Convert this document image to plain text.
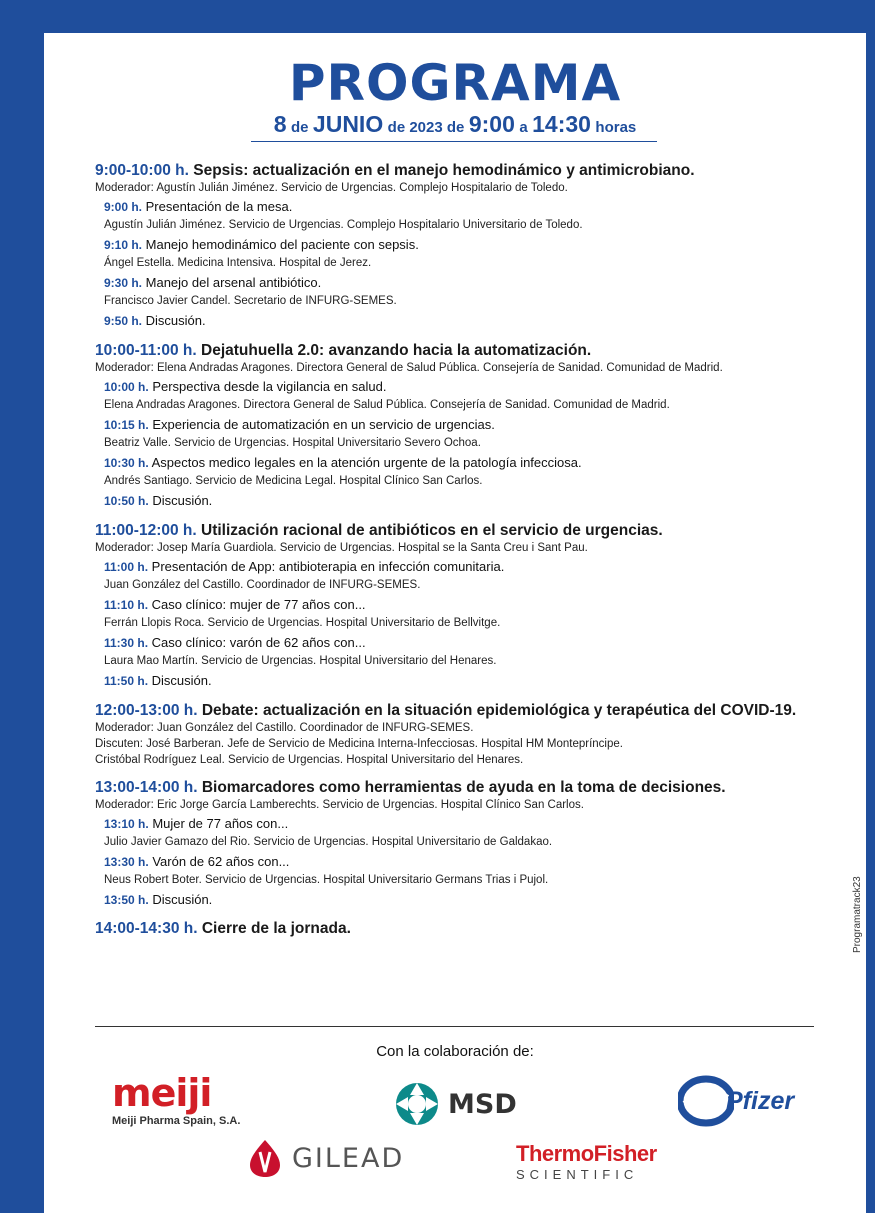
PROGRAMA
8 de JUNIO de 2023 de 9:00 a 14:30 horas
9:00-10:00 h. Sepsis: actualización en el manejo hemodinámico y antimicrobiano.
Moderador: Agustín Julián Jiménez. Servicio de Urgencias. Complejo Hospitalario de Toledo.
9:00 h. Presentación de la mesa.
Agustín Julián Jiménez. Servicio de Urgencias. Complejo Hospitalario Universitario de Toledo.
9:10 h. Manejo hemodinámico del paciente con sepsis.
Ángel Estella. Medicina Intensiva. Hospital de Jerez.
9:30 h. Manejo del arsenal antibiótico.
Francisco Javier Candel. Secretario de INFURG-SEMES.
9:50 h. Discusión.
10:00-11:00 h. Dejatuhuella 2.0: avanzando hacia la automatización.
Moderador: Elena Andradas Aragones. Directora General de Salud Pública. Consejería de Sanidad. Comunidad de Madrid.
10:00 h. Perspectiva desde la vigilancia en salud.
Elena Andradas Aragones. Directora General de Salud Pública. Consejería de Sanidad. Comunidad de Madrid.
10:15 h. Experiencia de automatización en un servicio de urgencias.
Beatriz Valle. Servicio de Urgencias. Hospital Universitario Severo Ochoa.
10:30 h. Aspectos medico legales en la atención urgente de la patología infecciosa.
Andrés Santiago. Servicio de Medicina Legal. Hospital Clínico San Carlos.
10:50 h. Discusión.
11:00-12:00 h. Utilización racional de antibióticos en el servicio de urgencias.
Moderador: Josep María Guardiola. Servicio de Urgencias. Hospital se la Santa Creu i Sant Pau.
11:00 h. Presentación de App: antibioterapia en infección comunitaria.
Juan González del Castillo. Coordinador de INFURG-SEMES.
11:10 h. Caso clínico: mujer de 77 años con...
Ferrán Llopis Roca. Servicio de Urgencias. Hospital Universitario de Bellvitge.
11:30 h. Caso clínico: varón de 62 años con...
Laura Mao Martín. Servicio de Urgencias. Hospital Universitario del Henares.
11:50 h. Discusión.
12:00-13:00 h. Debate: actualización en la situación epidemiológica y terapéutica del COVID-19.
Moderador: Juan González del Castillo. Coordinador de INFURG-SEMES.
Discuten: José Barberan. Jefe de Servicio de Medicina Interna-Infecciosas. Hospital HM Montepríncipe.
Cristóbal Rodríguez Leal. Servicio de Urgencias. Hospital Universitario del Henares.
13:00-14:00 h. Biomarcadores como herramientas de ayuda en la toma de decisiones.
Moderador: Eric Jorge García Lamberechts. Servicio de Urgencias. Hospital Clínico San Carlos.
13:10 h. Mujer de 77 años con...
Julio Javier Gamazo del Rio. Servicio de Urgencias. Hospital Universitario de Galdakao.
13:30 h. Varón de 62 años con...
Neus Robert Boter. Servicio de Urgencias. Hospital Universitario Germans Trias i Pujol.
13:50 h. Discusión.
14:00-14:30 h. Cierre de la jornada.
Con la colaboración de:
Programatrack23
meiji
Meiji Pharma Spain, S.A.
MSD	Pfizer
GILEAD	ThermoFisher
SCIENTIFIC
